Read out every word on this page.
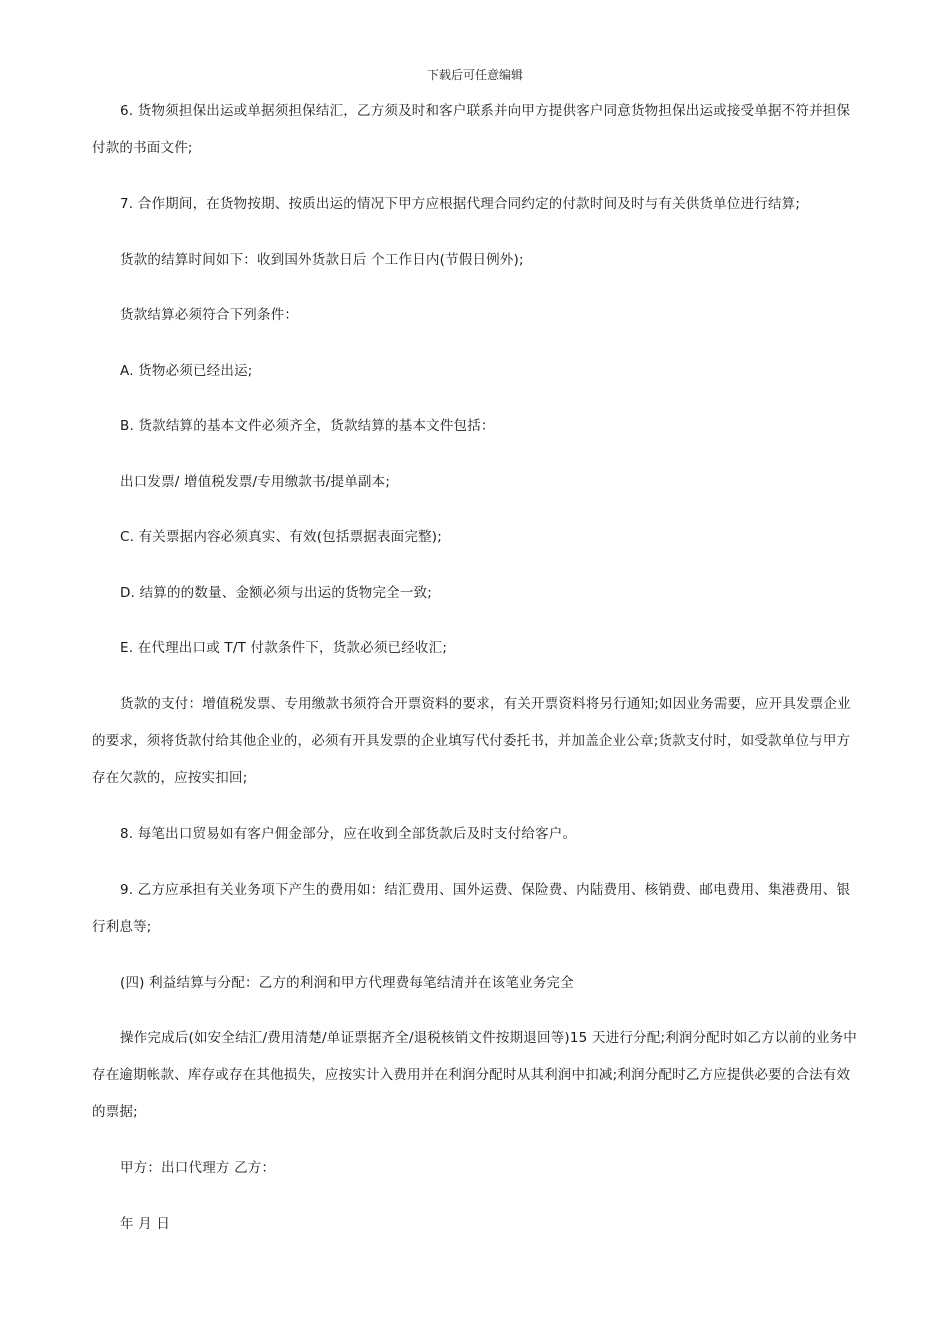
下载后可任意编辑

6. 货物须担保出运或单据须担保结汇，乙方须及时和客户联系并向甲方提供客户同意货物担保出运或接受单据不符并担保付款的书面文件;

7. 合作期间，在货物按期、按质出运的情况下甲方应根据代理合同约定的付款时间及时与有关供货单位进行结算;

货款的结算时间如下：收到国外货款日后 个工作日内(节假日例外);

货款结算必须符合下列条件：

A. 货物必须已经出运;

B. 货款结算的基本文件必须齐全，货款结算的基本文件包括：

出口发票/ 增值税发票/专用缴款书/提单副本;

C. 有关票据内容必须真实、有效(包括票据表面完整);

D. 结算的的数量、金额必须与出运的货物完全一致;

E. 在代理出口或 T/T 付款条件下，货款必须已经收汇;

货款的支付：增值税发票、专用缴款书须符合开票资料的要求，有关开票资料将另行通知;如因业务需要，应开具发票企业的要求，须将货款付给其他企业的，必须有开具发票的企业填写代付委托书，并加盖企业公章;货款支付时，如受款单位与甲方存在欠款的，应按实扣回;

8. 每笔出口贸易如有客户佣金部分，应在收到全部货款后及时支付给客户。

9. 乙方应承担有关业务项下产生的费用如：结汇费用、国外运费、保险费、内陆费用、核销费、邮电费用、集港费用、银行利息等;

(四) 利益结算与分配：乙方的利润和甲方代理费每笔结清并在该笔业务完全

操作完成后(如安全结汇/费用清楚/单证票据齐全/退税核销文件按期退回等)15 天进行分配;利润分配时如乙方以前的业务中存在逾期帐款、库存或存在其他损失，应按实计入费用并在利润分配时从其利润中扣减;利润分配时乙方应提供必要的合法有效的票据;

甲方：出口代理方 乙方：

年 月 日
